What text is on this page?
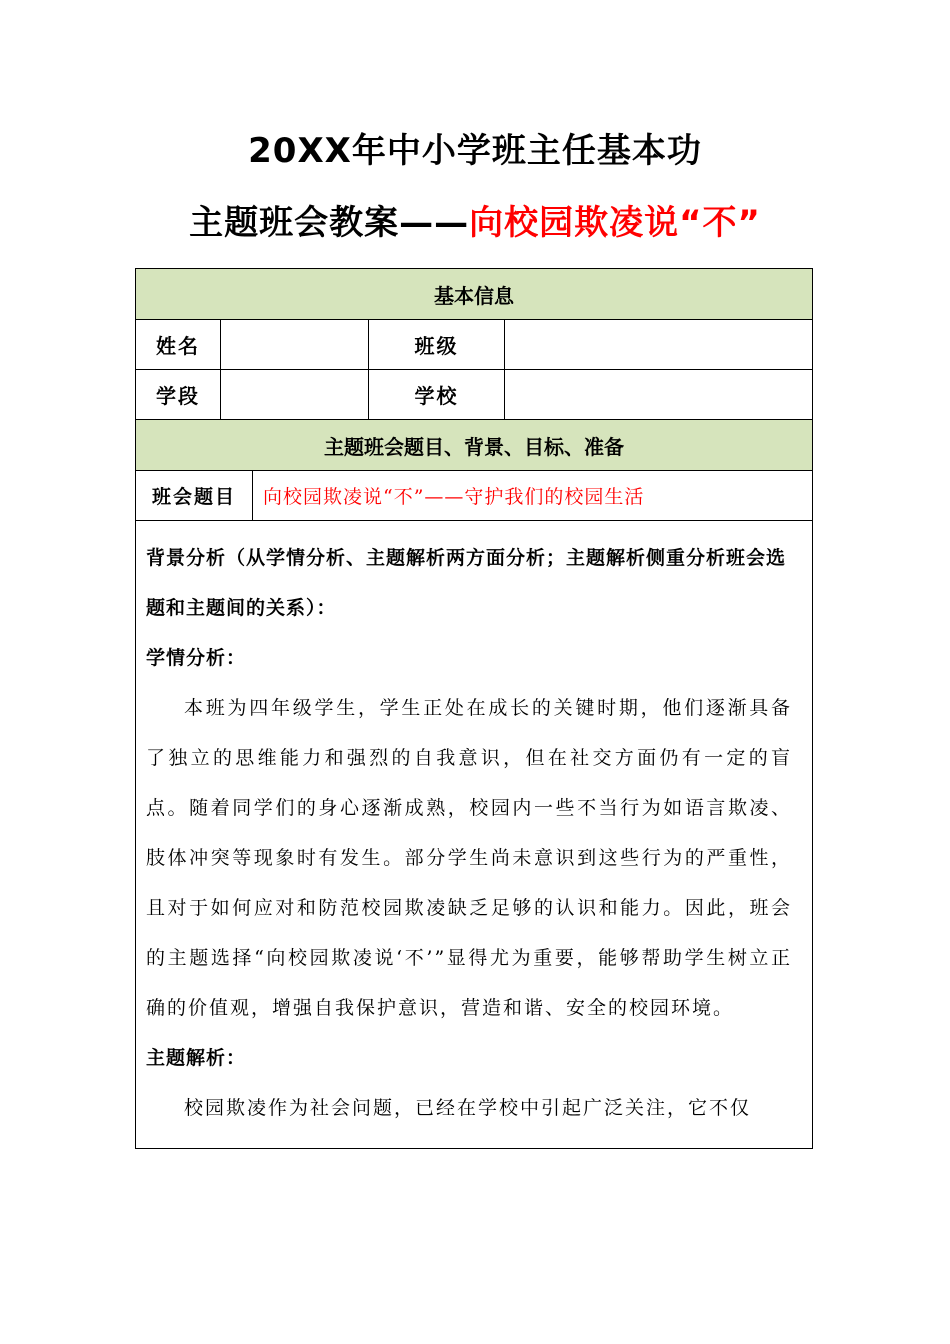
20XX年中小学班主任基本功
主题班会教案——向校园欺凌说“不”
基本信息				
姓名			班级	
学段			学校	
主题班会题目、背景、目标、准备				
班会题目		向校园欺凌说“不”——守护我们的校园生活		

背景分析（从学情分析、主题解析两方面分析；主题解析侧重分析班会选题和主题间的关系）：

学情分析：

本班为四年级学生，学生正处在成长的关键时期，他们逐渐具备了独立的思维能力和强烈的自我意识，但在社交方面仍有一定的盲点。随着同学们的身心逐渐成熟，校园内一些不当行为如语言欺凌、肢体冲突等现象时有发生。部分学生尚未意识到这些行为的严重性，且对于如何应对和防范校园欺凌缺乏足够的认识和能力。因此，班会的主题选择“向校园欺凌说‘不’”显得尤为重要，能够帮助学生树立正确的价值观，增强自我保护意识，营造和谐、安全的校园环境。

主题解析：

校园欺凌作为社会问题，已经在学校中引起广泛关注，它不仅				
